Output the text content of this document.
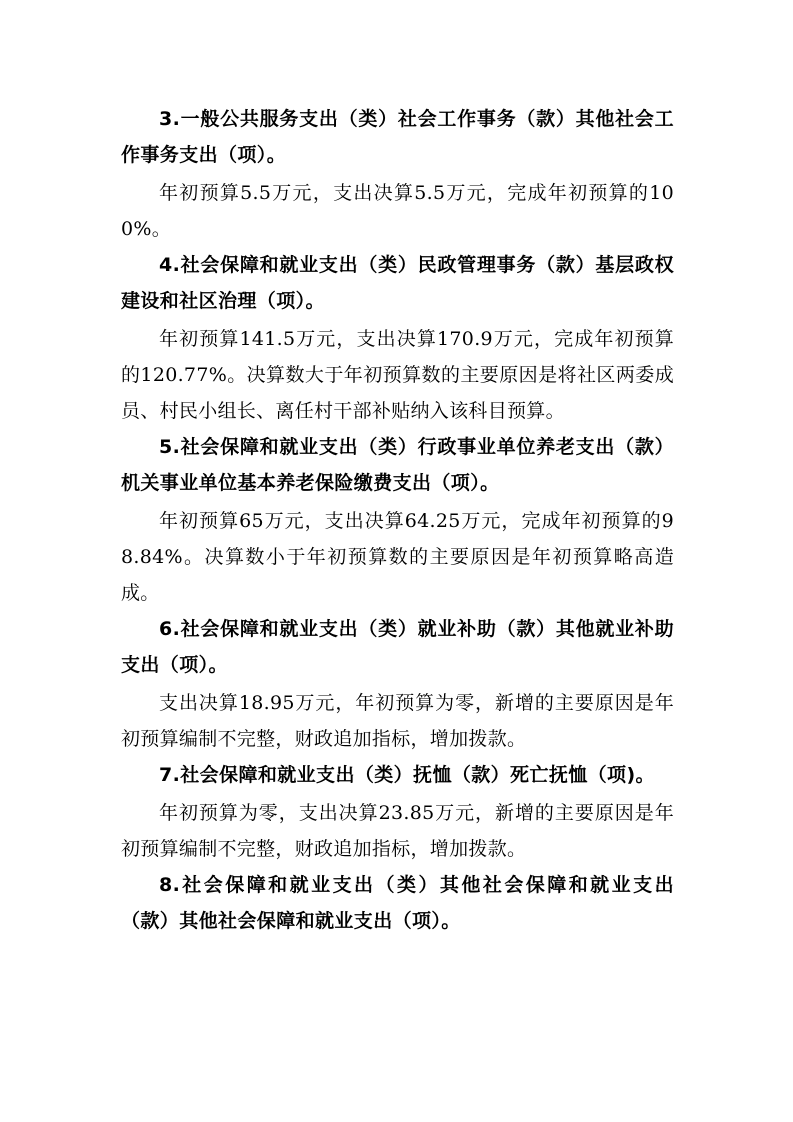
3.一般公共服务支出（类）社会工作事务（款）其他社会工作事务支出（项）。

年初预算5.5万元，支出决算5.5万元，完成年初预算的100%。

4.社会保障和就业支出（类）民政管理事务（款）基层政权建设和社区治理（项）。

年初预算141.5万元，支出决算170.9万元，完成年初预算的120.77%。决算数大于年初预算数的主要原因是将社区两委成员、村民小组长、离任村干部补贴纳入该科目预算。

5.社会保障和就业支出（类）行政事业单位养老支出（款）机关事业单位基本养老保险缴费支出（项）。

年初预算65万元，支出决算64.25万元，完成年初预算的98.84%。决算数小于年初预算数的主要原因是年初预算略高造成。

6.社会保障和就业支出（类）就业补助（款）其他就业补助支出（项）。

支出决算18.95万元，年初预算为零，新增的主要原因是年初预算编制不完整，财政追加指标，增加拨款。

7.社会保障和就业支出（类）抚恤（款）死亡抚恤（项)。

年初预算为零，支出决算23.85万元，新增的主要原因是年初预算编制不完整，财政追加指标，增加拨款。

8.社会保障和就业支出（类）其他社会保障和就业支出（款）其他社会保障和就业支出（项）。
